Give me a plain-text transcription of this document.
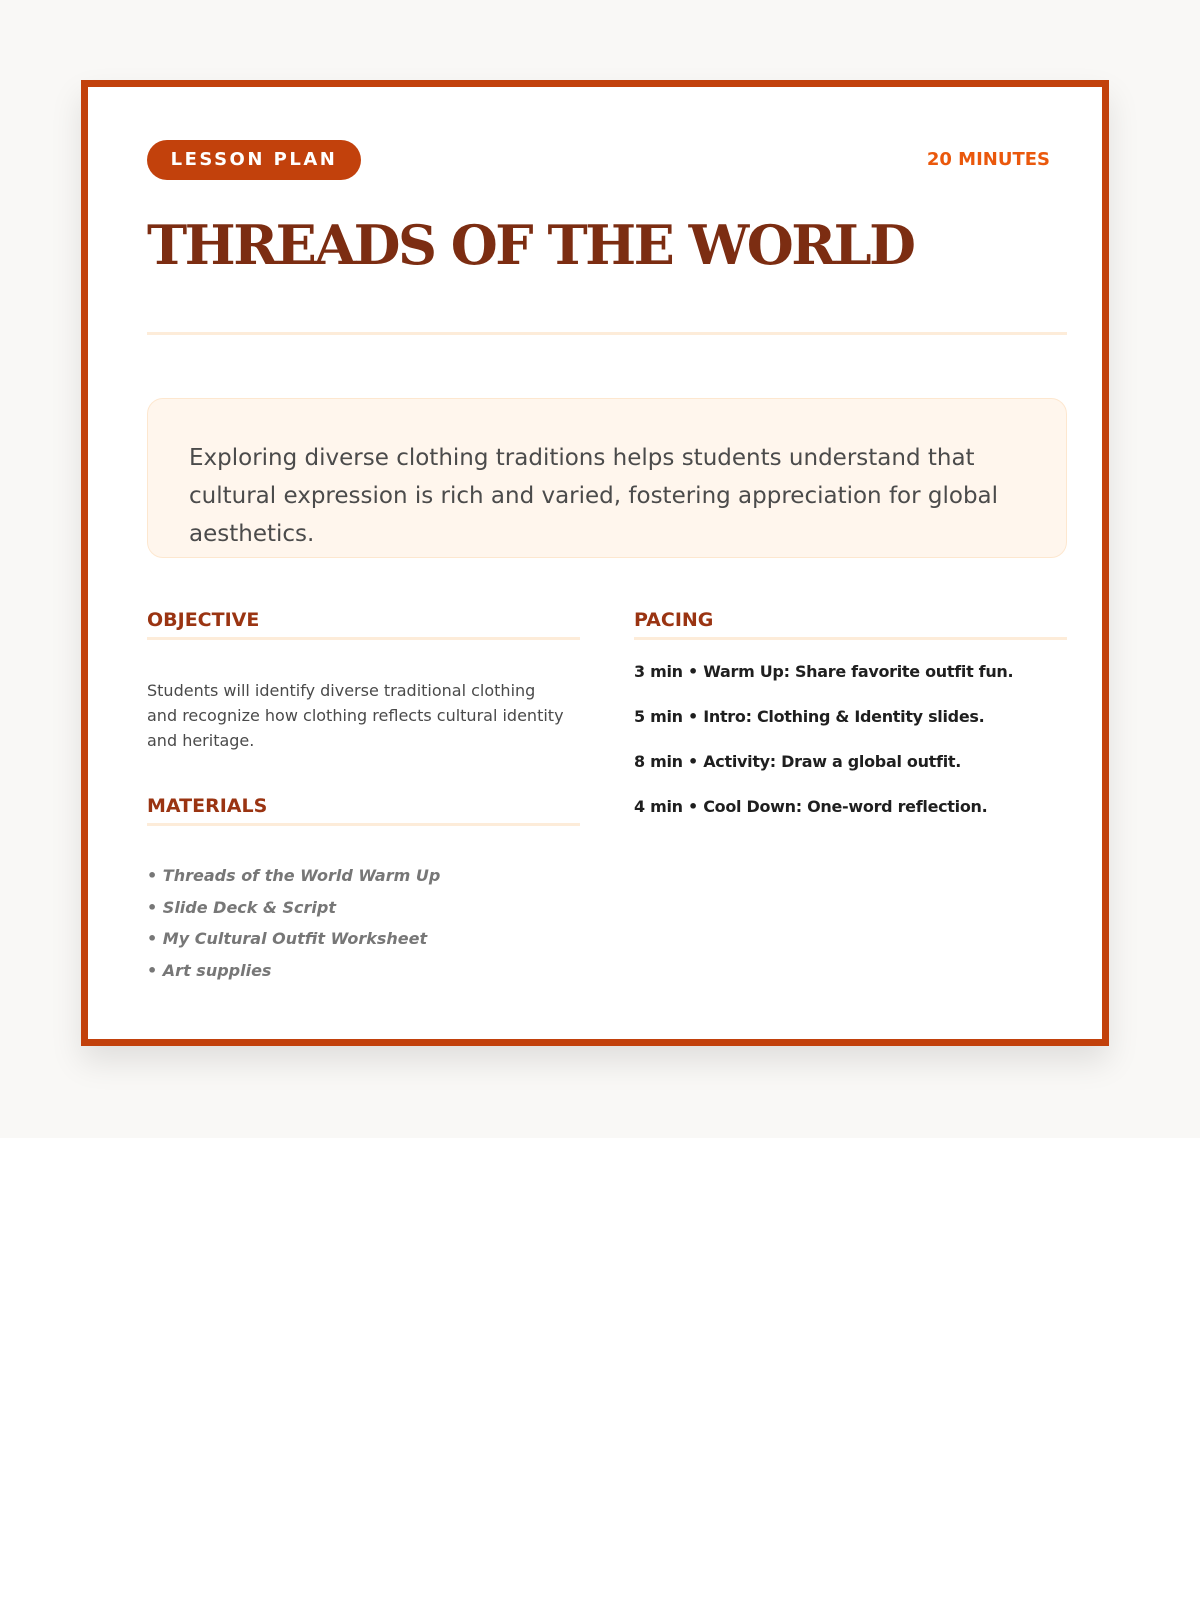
LESSON PLAN	20 MINUTES
THREADS OF THE WORLD
Exploring diverse clothing traditions helps students understand that cultural expression is rich and varied, fostering appreciation for global aesthetics.
OBJECTIVE
Students will identify diverse traditional clothing and recognize how clothing reflects cultural identity and heritage.
MATERIALS
• Threads of the World Warm Up
• Slide Deck & Script
• My Cultural Outfit Worksheet
• Art supplies
PACING
3 min • Warm Up: Share favorite outfit fun.
5 min • Intro: Clothing & Identity slides.
8 min • Activity: Draw a global outfit.
4 min • Cool Down: One-word reflection.
